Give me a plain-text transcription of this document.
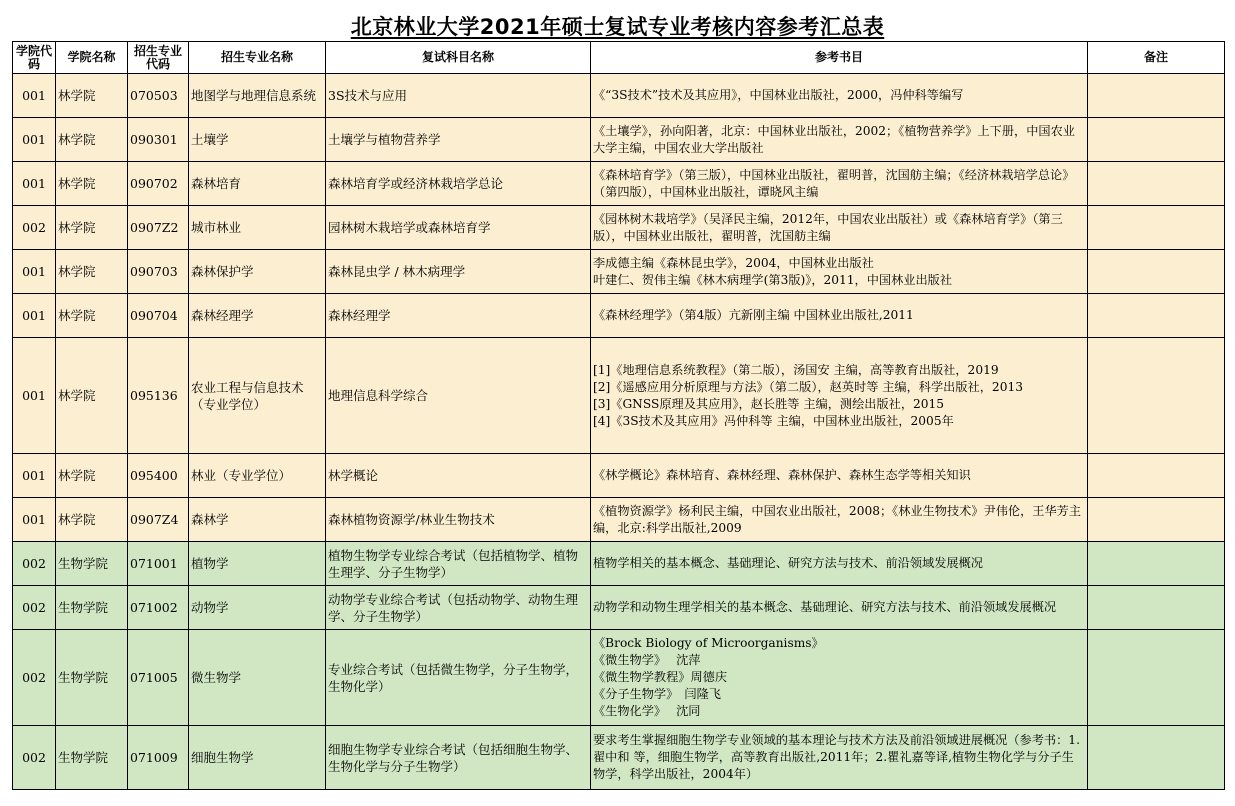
北京林业大学2021年硕士复试专业考核内容参考汇总表
学院代码	学院名称	招生专业代码	招生专业名称	复试科目名称	参考书目	备注
001	林学院	070503	地图学与地理信息系统	3S技术与应用	《“3S技术”技术及其应用》，中国林业出版社，2000，冯仲科等编写	

001	林学院	090301	土壤学	土壤学与植物营养学	《土壤学》，孙向阳著，北京：中国林业出版社，2002；《植物营养学》上下册，中国农业大学主编，中国农业大学出版社	

001	林学院	090702	森林培育	森林培育学或经济林栽培学总论	《森林培育学》（第三版），中国林业出版社，翟明普，沈国舫主编；《经济林栽培学总论》（第四版），中国林业出版社，谭晓风主编	

002	林学院	0907Z2	城市林业	园林树木栽培学或森林培育学	《园林树木栽培学》（吴泽民主编，2012年，中国农业出版社）或《森林培育学》（第三版），中国林业出版社，翟明普，沈国舫主编	

001	林学院	090703	森林保护学	森林昆虫学 / 林木病理学	李成德主编《森林昆虫学》，2004，中国林业出版社
叶建仁、贺伟主编《林木病理学(第3版)》，2011，中国林业出版社	

001	林学院	090704	森林经理学	森林经理学	《森林经理学》（第4版）亢新刚主编 中国林业出版社,2011	

001	林学院	095136	农业工程与信息技术（专业学位）	地理信息科学综合	[1]《地理信息系统教程》（第二版），汤国安 主编，高等教育出版社，2019
[2]《遥感应用分析原理与方法》（第二版），赵英时等 主编，科学出版社，2013
[3]《GNSS原理及其应用》，赵长胜等 主编，测绘出版社，2015
[4]《3S技术及其应用》冯仲科等 主编，中国林业出版社，2005年	

001	林学院	095400	林业（专业学位）	林学概论	《林学概论》森林培育、森林经理、森林保护、森林生态学等相关知识	

001	林学院	0907Z4	森林学	森林植物资源学/林业生物技术	《植物资源学》杨利民主编，中国农业出版社，2008；《林业生物技术》尹伟伦，王华芳主编，北京:科学出版社,2009	

002	生物学院	071001	植物学	植物生物学专业综合考试（包括植物学、植物生理学、分子生物学）	植物学相关的基本概念、基础理论、研究方法与技术、前沿领域发展概况	

002	生物学院	071002	动物学	动物学专业综合考试（包括动物学、动物生理学、分子生物学）	动物学和动物生理学相关的基本概念、基础理论、研究方法与技术、前沿领域发展概况	

002	生物学院	071005	微生物学	专业综合考试（包括微生物学，分子生物学，生物化学）	《Brock Biology of Microorganisms》
《微生物学》　 沈萍
《微生物学教程》周德庆
《分子生物学》　闫隆飞
《生物化学》　 沈同	

002	生物学院	071009	细胞生物学	细胞生物学专业综合考试（包括细胞生物学、生物化学与分子生物学）	要求考生掌握细胞生物学专业领域的基本理论与技术方法及前沿领域进展概况（参考书：1.翟中和 等，细胞生物学，高等教育出版社,2011年；2.瞿礼嘉等译,植物生物化学与分子生物学，科学出版社，2004年）	
